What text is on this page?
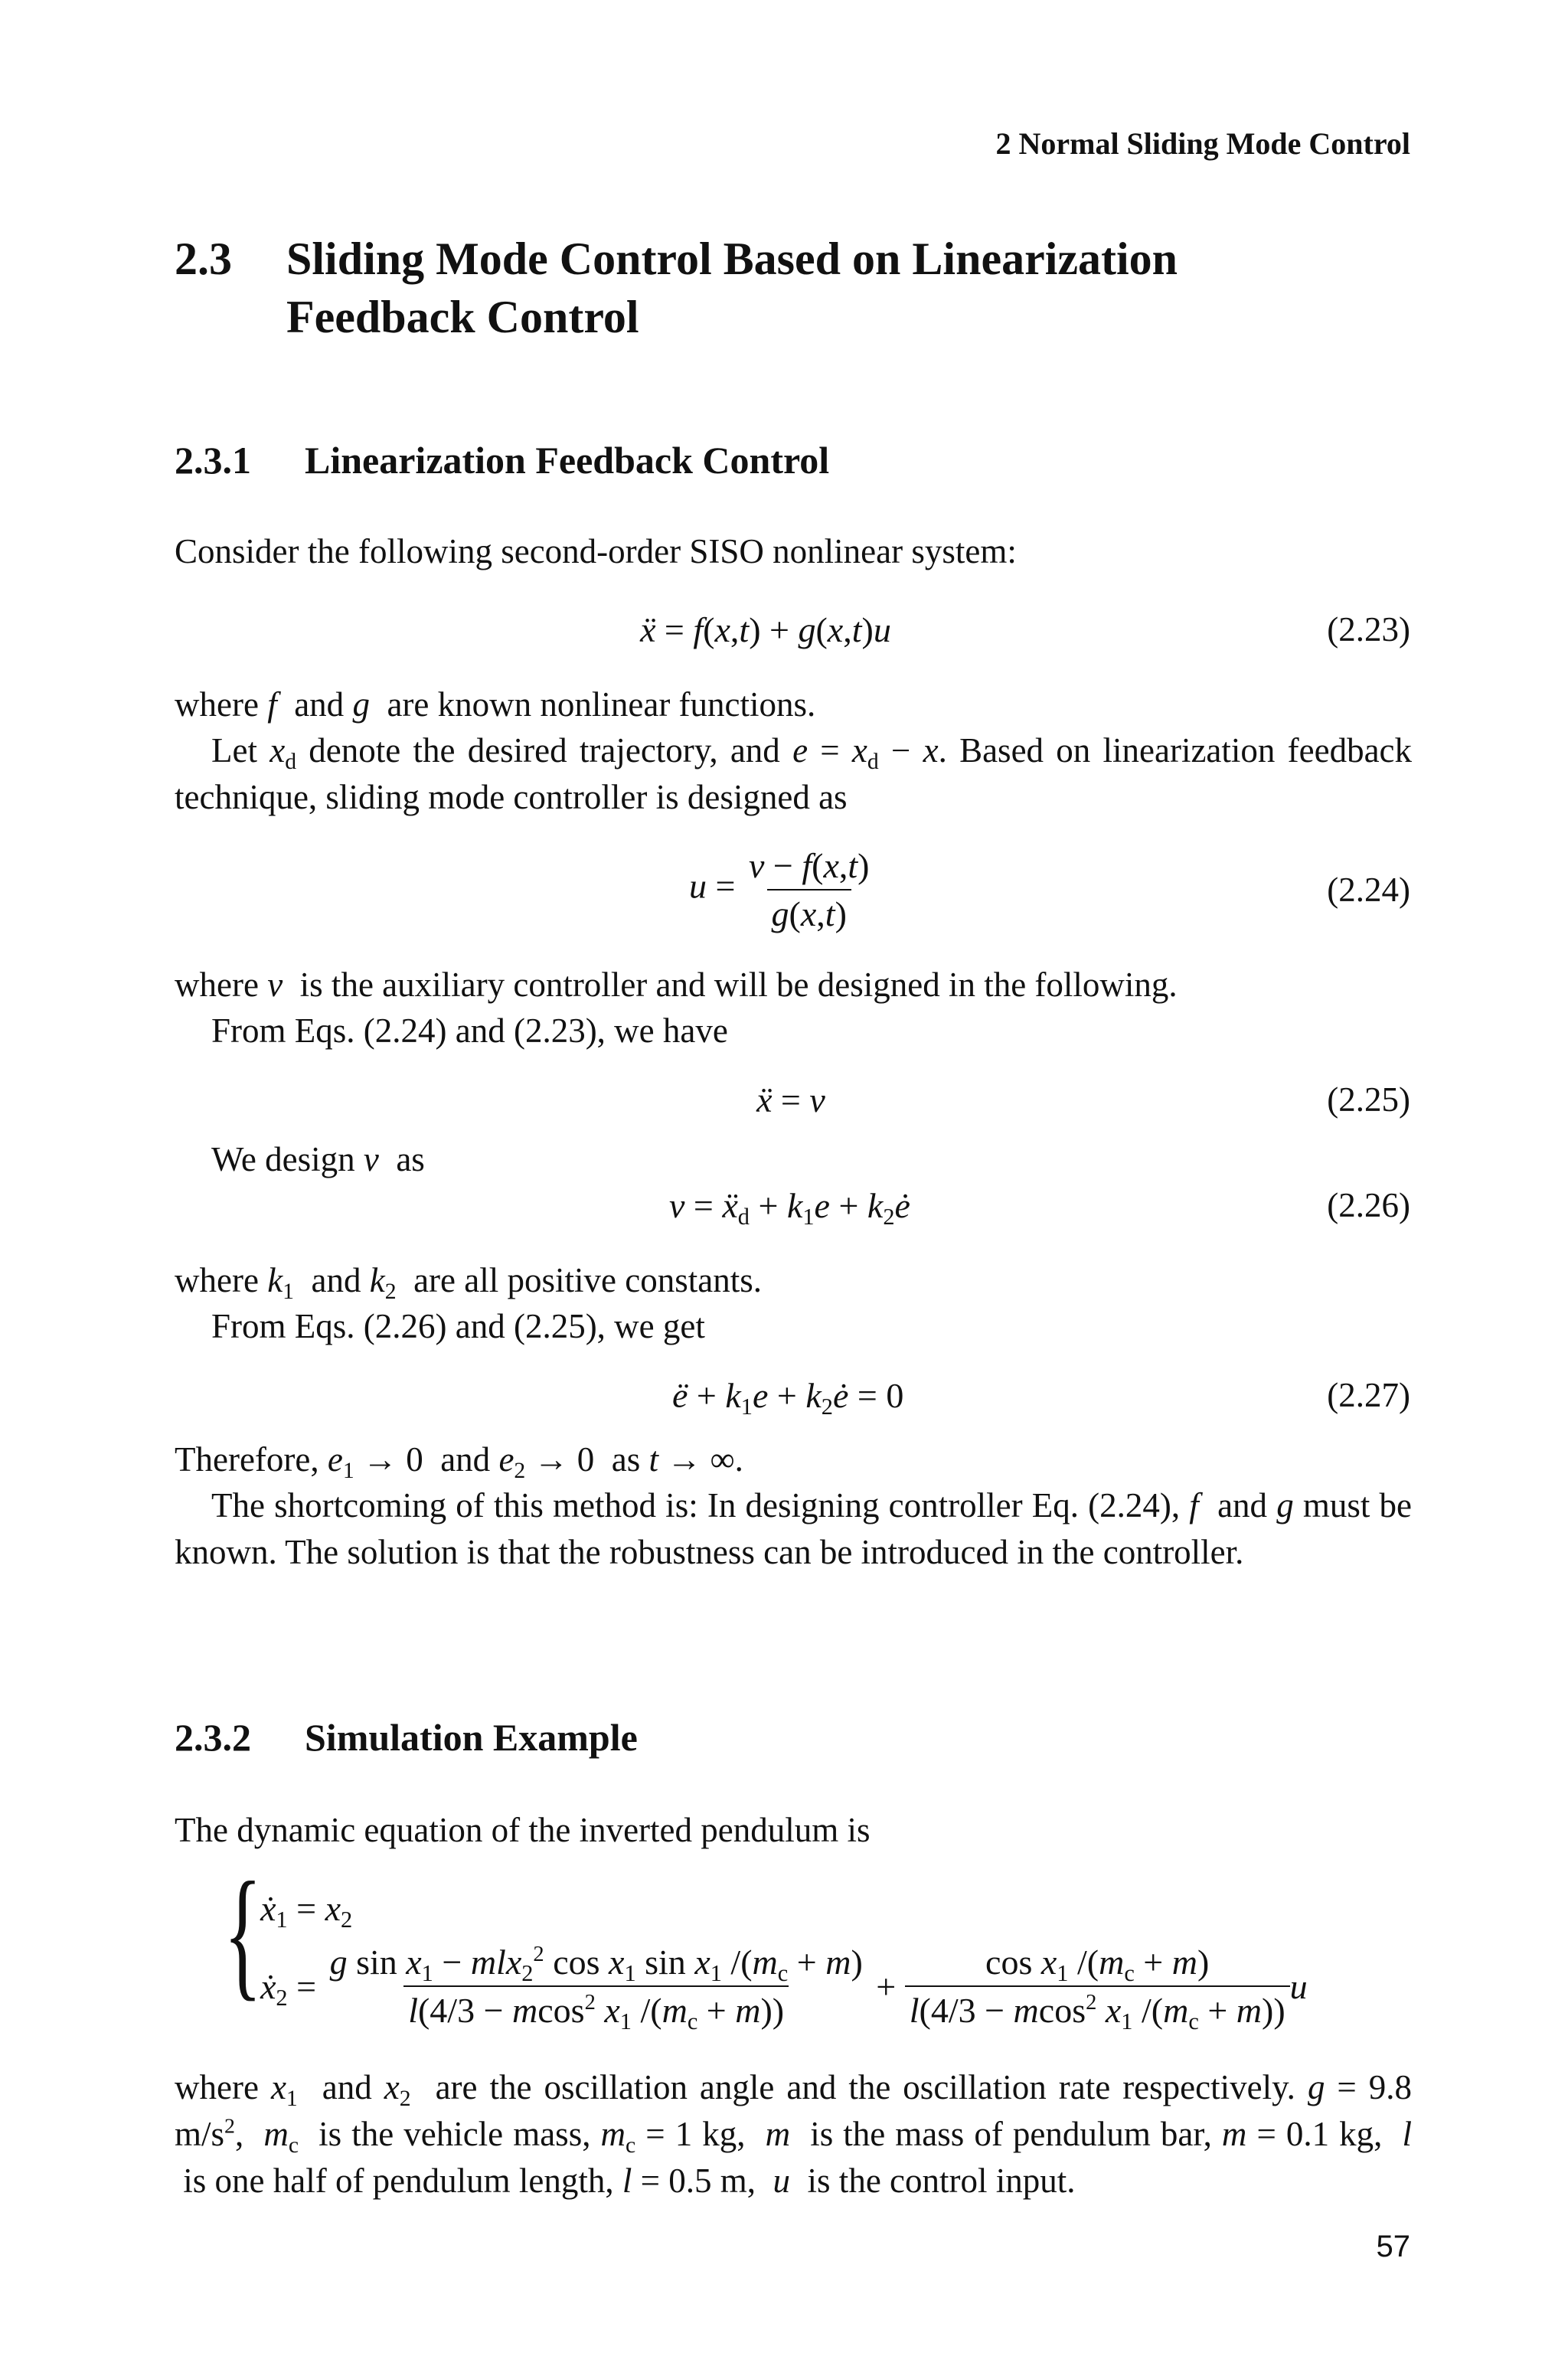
2 Normal Sliding Mode Control
2.3 Sliding Mode Control Based on Linearization
Feedback Control
2.3.1 Linearization Feedback Control
Consider the following second-order SISO nonlinear system:
ẍ = f(x,t) + g(x,t)u	(2.23)
where f and g are known nonlinear functions.
Let $x_d$ denote the desired trajectory, and $e = x_d - x$. Based on linearization feedback technique, sliding mode controller is designed as
$u = \frac{v - f(x,t)}{g(x,t)}$	(2.24)
where v is the auxiliary controller and will be designed in the following.
From Eqs. (2.24) and (2.23), we have
ẍ = v	(2.25)
We design v as
v = ẍ$_d$ + $k_1e$ + $k_2ė$	(2.26)
where $k_1$ and $k_2$ are all positive constants.
From Eqs. (2.26) and (2.25), we get
ë + $k_1e$ + $k_2ė = 0$	(2.27)
Therefore, $e_1 \to 0$  and $e_2 \to 0$  as t → ∞.
The shortcoming of this method is: In designing controller Eq. (2.24), f and g must be known. The solution is that the robustness can be introduced in the controller.
2.3.2 Simulation Example
The dynamic equation of the inverted pendulum is
{
ẋ$_1$ = $x_2$
ẋ$_2$ = $\frac{g \sin x_1 - mlx_2^2 \cos x_1 \sin x_1 /(m_c + m)}{l(4/3 - mcos^2 x_1 /(m_c + m))} + \frac{\cos x_1 /(m_c + m)}{l(4/3 - mcos^2 x_1 /(m_c + m))}$ u
where $x_1$ and $x_2$ are the oscillation angle and the oscillation rate respectively. g = 9.8 $m/s^2$,  $m_c$ is the vehicle mass, $m_c = 1$ kg,  m is the mass of pendulum bar, m = 0.1 kg,  l  is one half of pendulum length, l = 0.5 m,  u is the control input.
57
